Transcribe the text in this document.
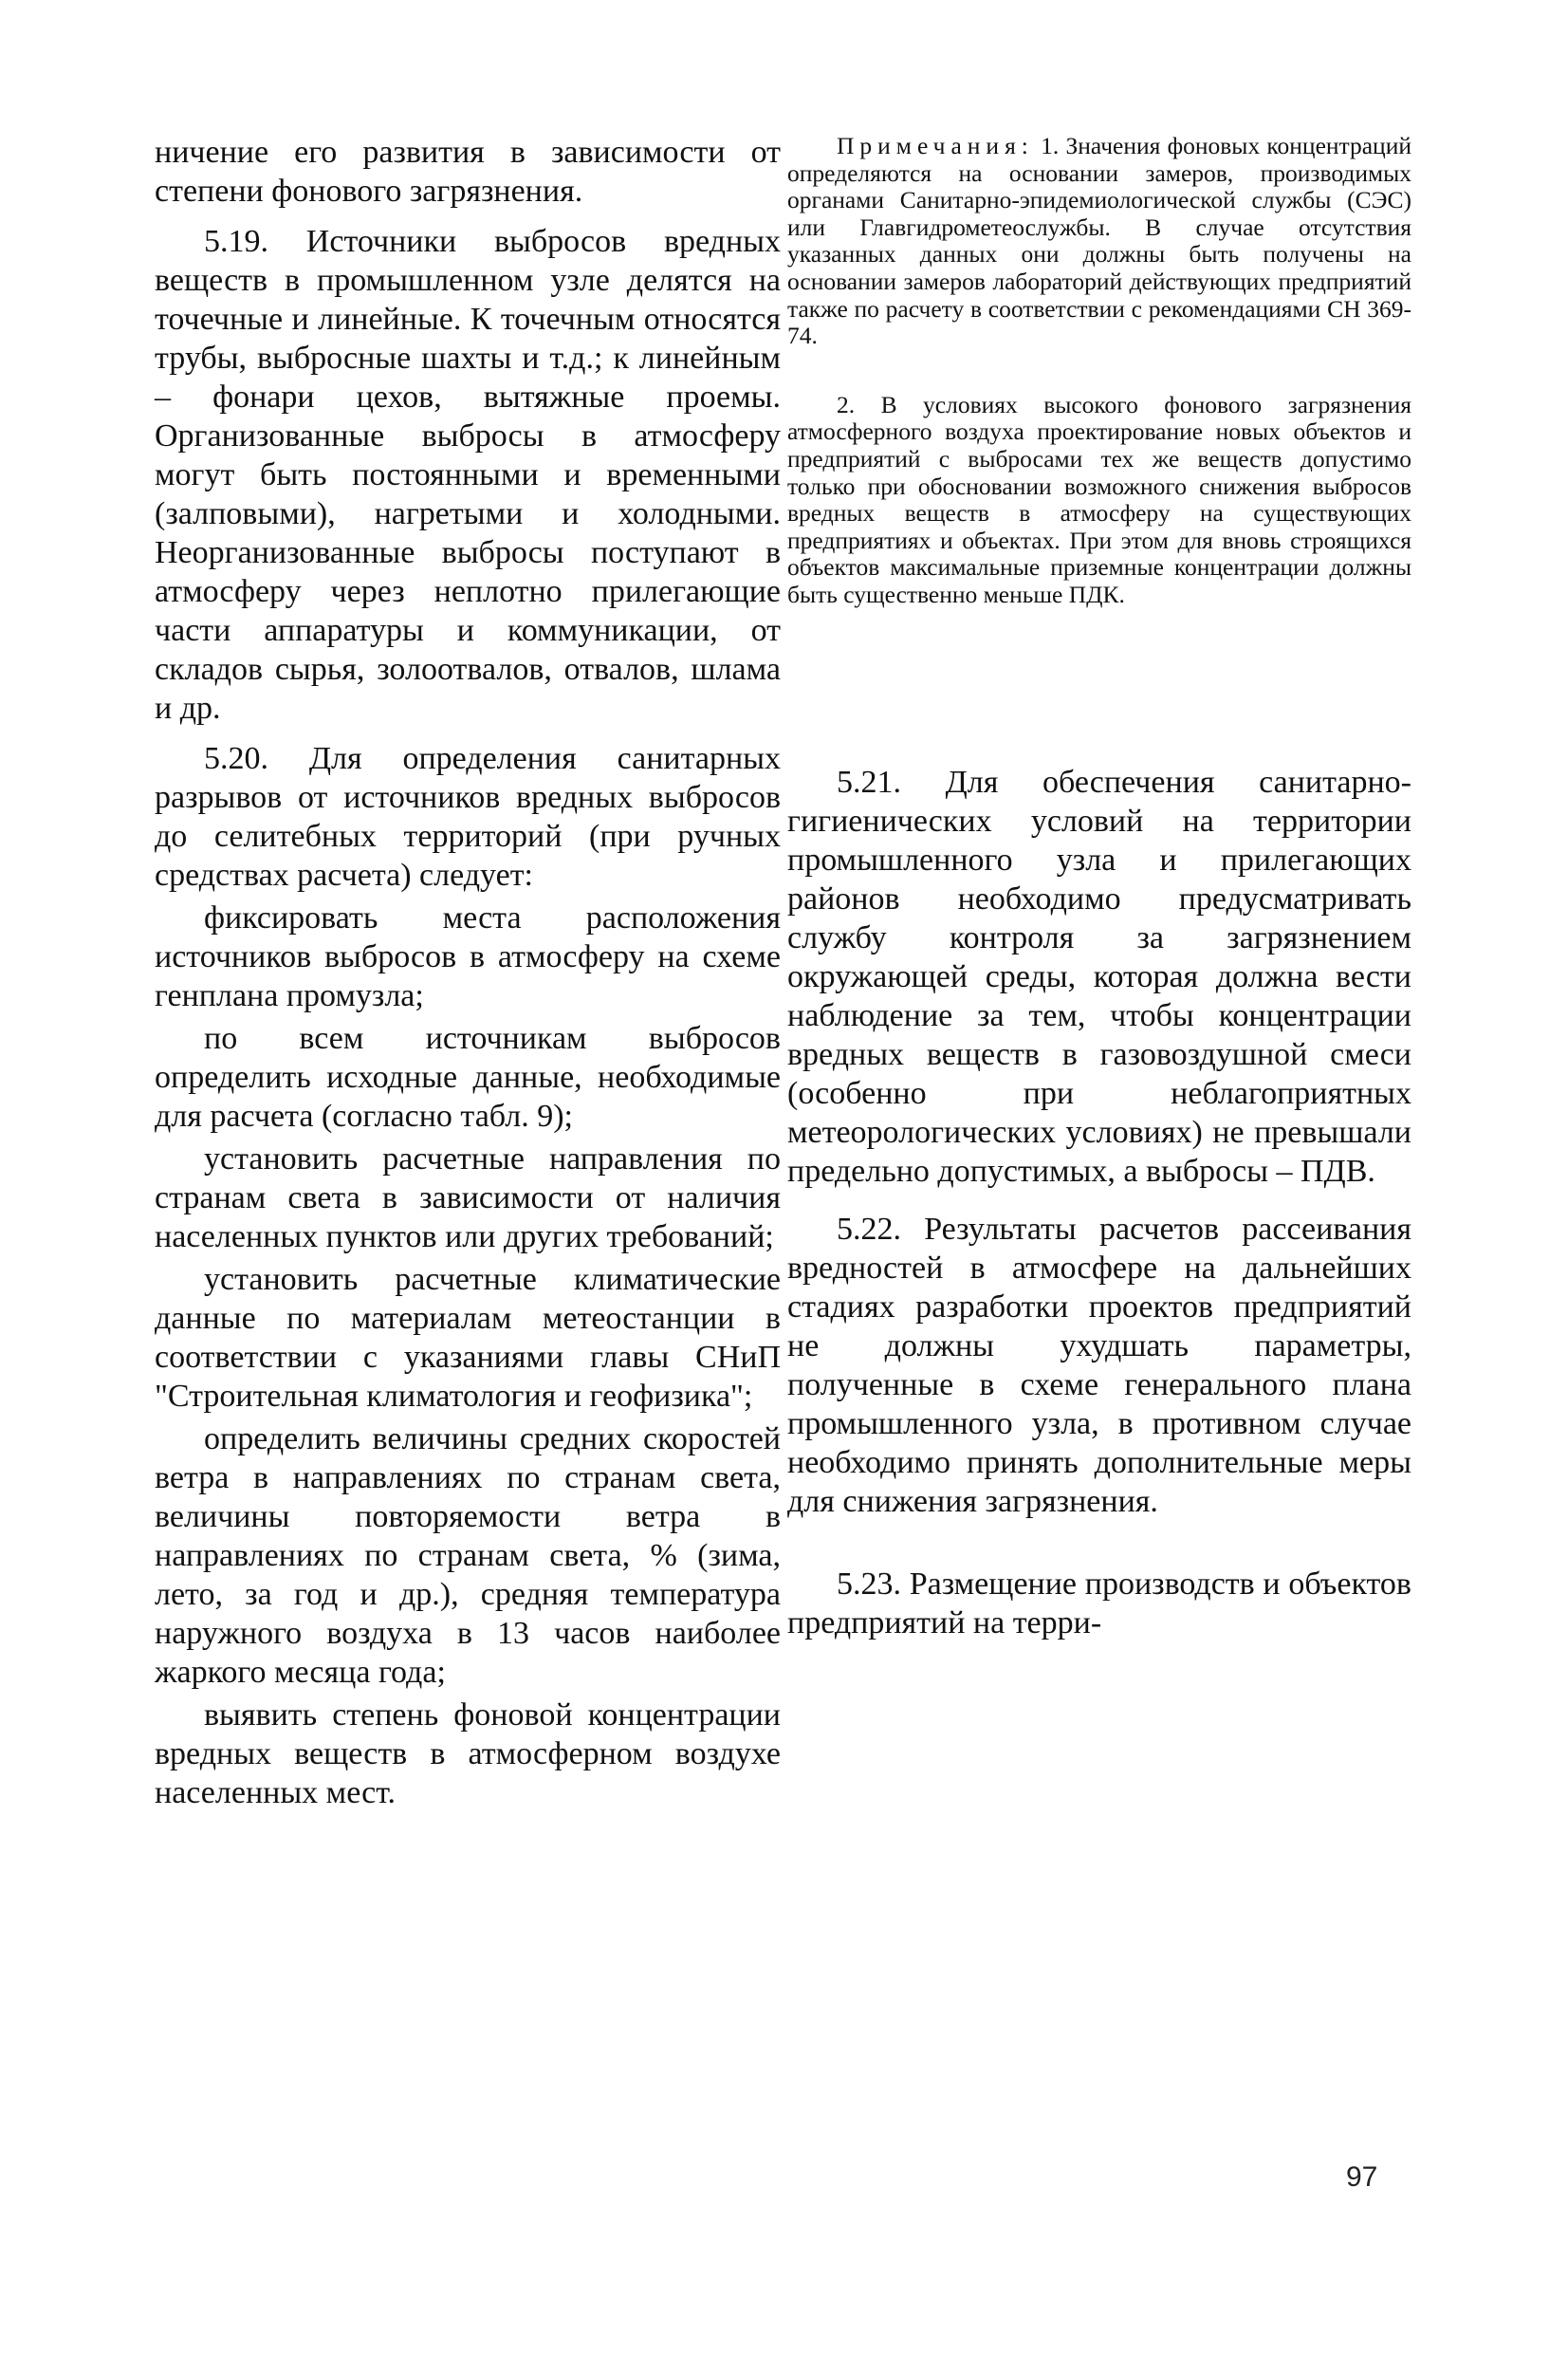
ничение его развития в зависимости от степени фонового загрязнения.

5.19. Источники выбросов вредных веществ в промышленном узле делятся на точечные и линейные. К точечным относятся трубы, выбросные шахты и т.д.; к линейным – фонари цехов, вытяжные проемы. Организованные выбросы в атмосферу могут быть постоянными и временными (залповыми), нагретыми и холодными. Неорганизованные выбросы поступают в атмосферу через неплотно прилегающие части аппаратуры и коммуникации, от складов сырья, золоотвалов, отвалов, шлама и др.

5.20. Для определения санитарных разрывов от источников вредных выбросов до селитебных территорий (при ручных средствах расчета) следует:

фиксировать места расположения источников выбросов в атмосферу на схеме генплана промузла;

по всем источникам выбросов определить исходные данные, необходимые для расчета (согласно табл. 9);

установить расчетные направления по странам света в зависимости от наличия населенных пунктов или других требований;

установить расчетные климатические данные по материалам метеостанции в соответствии с указаниями главы СНиП "Строительная климатология и геофизика";

определить величины средних скоростей ветра в направлениях по странам света, величины повторяемости ветра в направлениях по странам света, % (зима, лето, за год и др.), средняя температура наружного воздуха в 13 часов наиболее жаркого месяца года;

выявить степень фоновой концентрации вредных веществ в атмосферном воздухе населенных мест.

Примечания: 1. Значения фоновых концентраций определяются на основании замеров, производимых органами Санитарно-эпидемиологической службы (СЭС) или Главгидрометеослужбы. В случае отсутствия указанных данных они должны быть получены на основании замеров лабораторий действующих предприятий также по расчету в соответствии с рекомендациями СН 369-74.

2. В условиях высокого фонового загрязнения атмосферного воздуха проектирование новых объектов и предприятий с выбросами тех же веществ допустимо только при обосновании возможного снижения выбросов вредных веществ в атмосферу на существующих предприятиях и объектах. При этом для вновь строящихся объектов максимальные приземные концентрации должны быть существенно меньше ПДК.

5.21. Для обеспечения санитарно-гигиенических условий на территории промышленного узла и прилегающих районов необходимо предусматривать службу контроля за загрязнением окружающей среды, которая должна вести наблюдение за тем, чтобы концентрации вредных веществ в газовоздушной смеси (особенно при неблагоприятных метеорологических условиях) не превышали предельно допустимых, а выбросы – ПДВ.

5.22. Результаты расчетов рассеивания вредностей в атмосфере на дальнейших стадиях разработки проектов предприятий не должны ухудшать параметры, полученные в схеме генерального плана промышленного узла, в противном случае необходимо принять дополнительные меры для снижения загрязнения.

5.23. Размещение производств и объектов предприятий на терри-

97
